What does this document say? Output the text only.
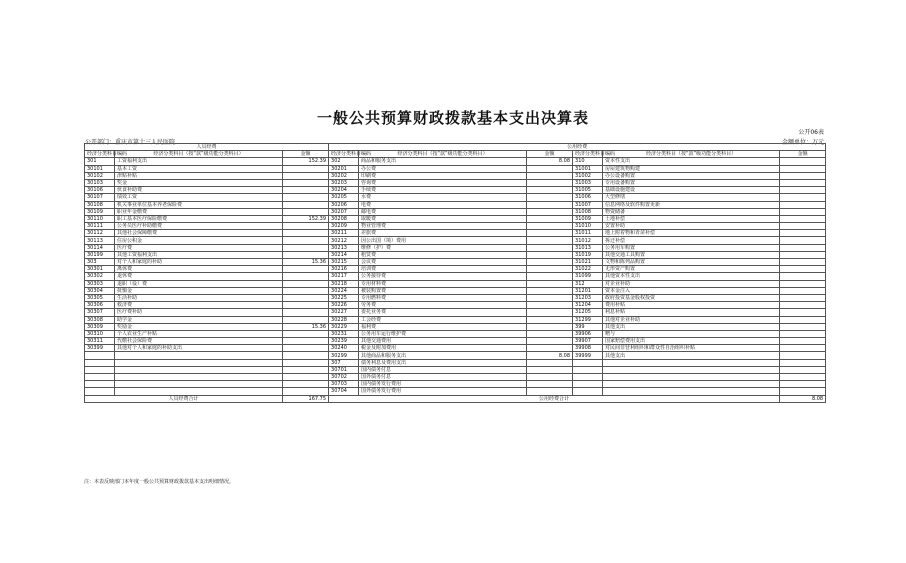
一般公共预算财政拨款基本支出决算表
公开06表
公开部门：重庆市第十三人民医院	金额单位：万元
人员经费			公用经费					
经济分类科目编码	经济分类科目（按“款”级功能分类科目）	金额	经济分类科目编码	经济分类科目（按“款”级功能分类科目）	金额	经济分类科目编码	经济分类科目（按“款”级功能分类科目）	金额
301	工资福利支出	152.39	302	商品和服务支出	8.08	310	资本性支出	
30101	基本工资		30201	办公费		31001	房屋建筑物购建	
30102	津贴补贴		30202	印刷费		31002	办公设备购置	
30103	奖金		30203	咨询费		31003	专用设备购置	
30106	伙食补助费		30204	手续费		31005	基础设施建设	
30107	绩效工资		30205	水费		31006	大型修缮	
30108	机关事业单位基本养老保险费		30206	电费		31007	信息网络及软件购置更新	
30109	职业年金缴费		30207	邮电费		31008	物资储备	
30110	职工基本医疗保险缴费	152.39	30208	取暖费		31009	土地补偿	
30111	公务员医疗补助缴费		30209	物业管理费		31010	安置补助	
30112	其他社会保障缴费		30211	差旅费		31011	地上附着物和青苗补偿	
30113	住房公积金		30212	因公出国（境）费用		31012	拆迁补偿	
30114	医疗费		30213	维修（护）费		31013	公务用车购置	
30199	其他工资福利支出		30214	租赁费		31019	其他交通工具购置	
303	对个人和家庭的补助	15.36	30215	会议费		31021	文物和陈列品购置	
30301	离休费		30216	培训费		31022	无形资产购置	
30302	退休费		30217	公务接待费		31099	其他资本性支出	
30303	退职（役）费		30218	专用材料费		312	对企业补助	
30304	抚恤金		30224	被装购置费		31201	资本金注入	
30305	生活补助		30225	专用燃料费		31203	政府投资基金股权投资	
30306	救济费		30226	劳务费		31204	费用补贴	
30307	医疗费补助		30227	委托业务费		31205	利息补贴	
30308	助学金		30228	工会经费		31299	其他对企业补助	
30309	奖励金	15.36	30229	福利费		399	其他支出	
30310	个人农业生产补贴		30231	公务用车运行维护费		39906	赠与	
30311	代缴社会保险费		30239	其他交通费用		39907	国家赔偿费用支出	
30399	其他对个人和家庭的补助支出		30240	税金及附加费用		39908	对民间非营利组织和群众性自治组织补贴	
			30299	其他商品和服务支出	8.08	39999	其他支出	
			307	债务利息及费用支出				
			30701	国内债务付息				
			30702	国外债务付息				
			30703	国内债务发行费用				
			30704	国外债务发行费用				
人员经费合计		167.75	公用经费合计					8.08
注：本表反映部门本年度一般公共预算财政拨款基本支出明细情况。
